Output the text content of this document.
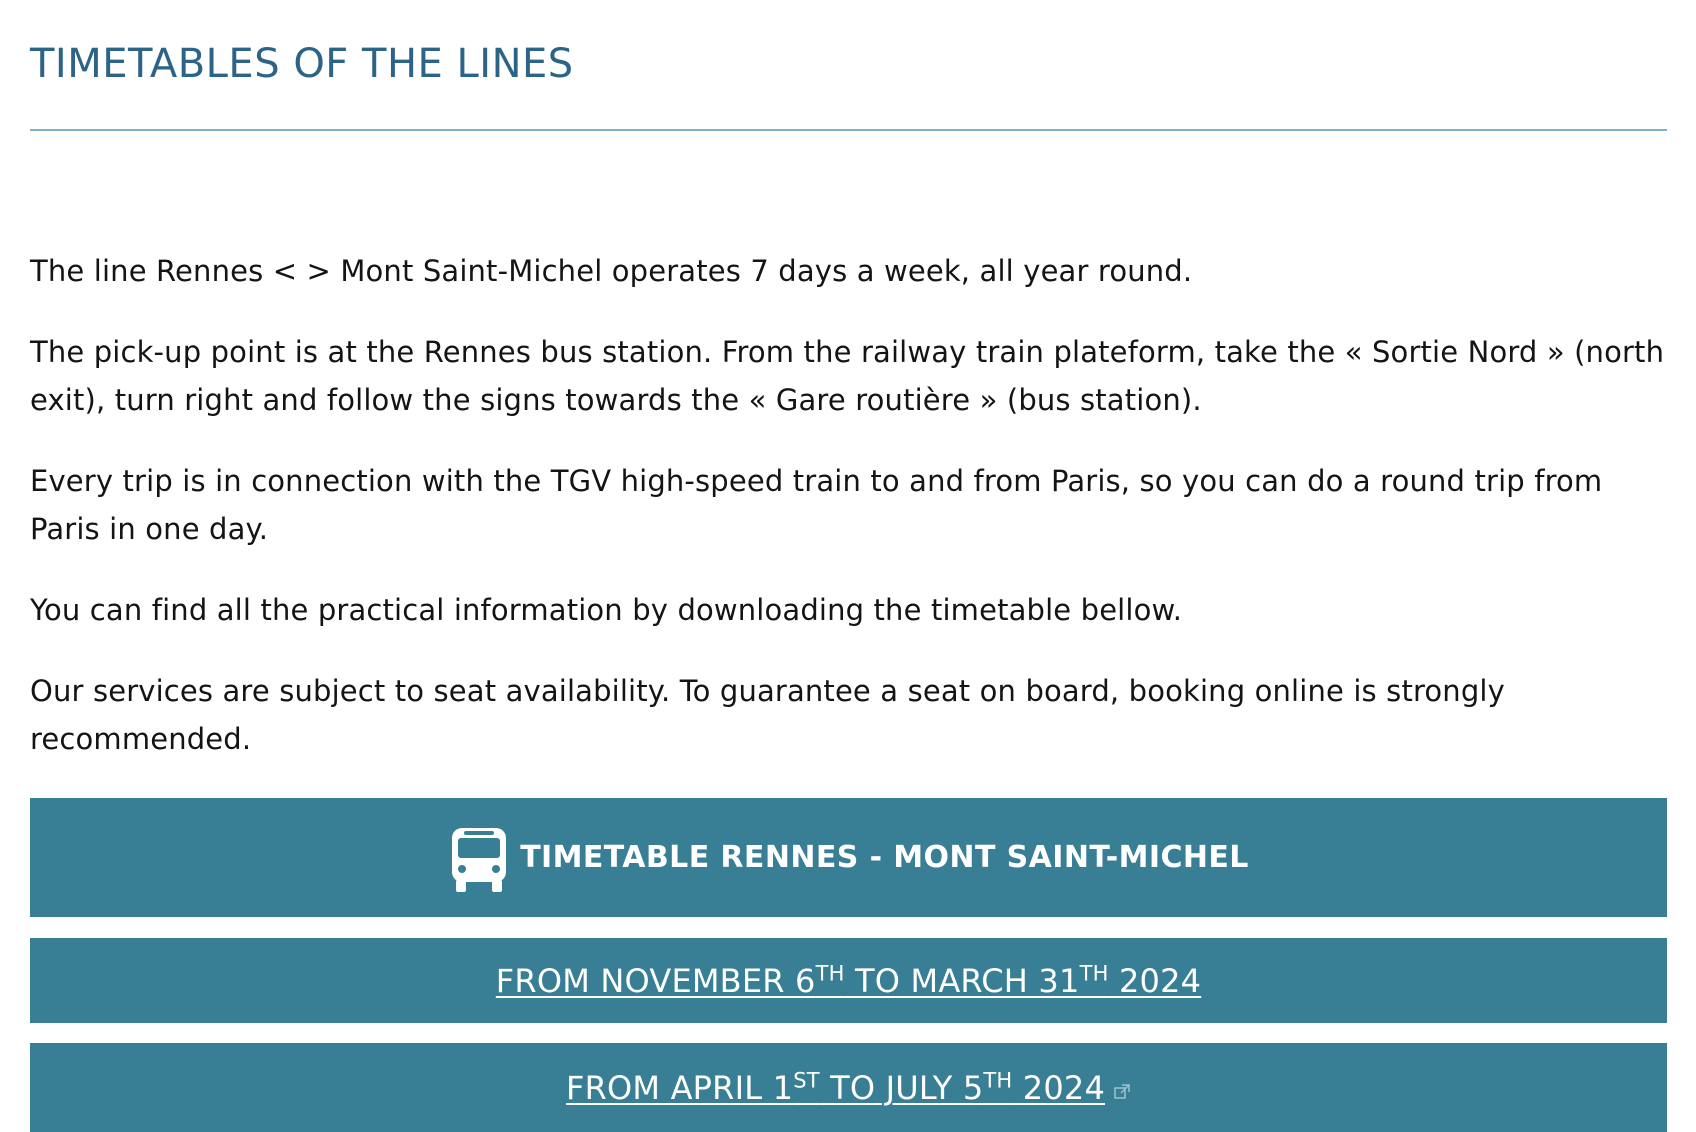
TIMETABLES OF THE LINES

The line Rennes < > Mont Saint-Michel operates 7 days a week, all year round.

The pick-up point is at the Rennes bus station. From the railway train plateform, take the « Sortie Nord » (north exit), turn right and follow the signs towards the « Gare routière » (bus station).

Every trip is in connection with the TGV high-speed train to and from Paris, so you can do a round trip from Paris in one day.

You can find all the practical information by downloading the timetable bellow.

Our services are subject to seat availability. To guarantee a seat on board, booking online is strongly recommended.

TIMETABLE RENNES - MONT SAINT-MICHEL
FROM NOVEMBER 6TH TO MARCH 31TH 2024
FROM APRIL 1ST TO JULY 5TH 2024
